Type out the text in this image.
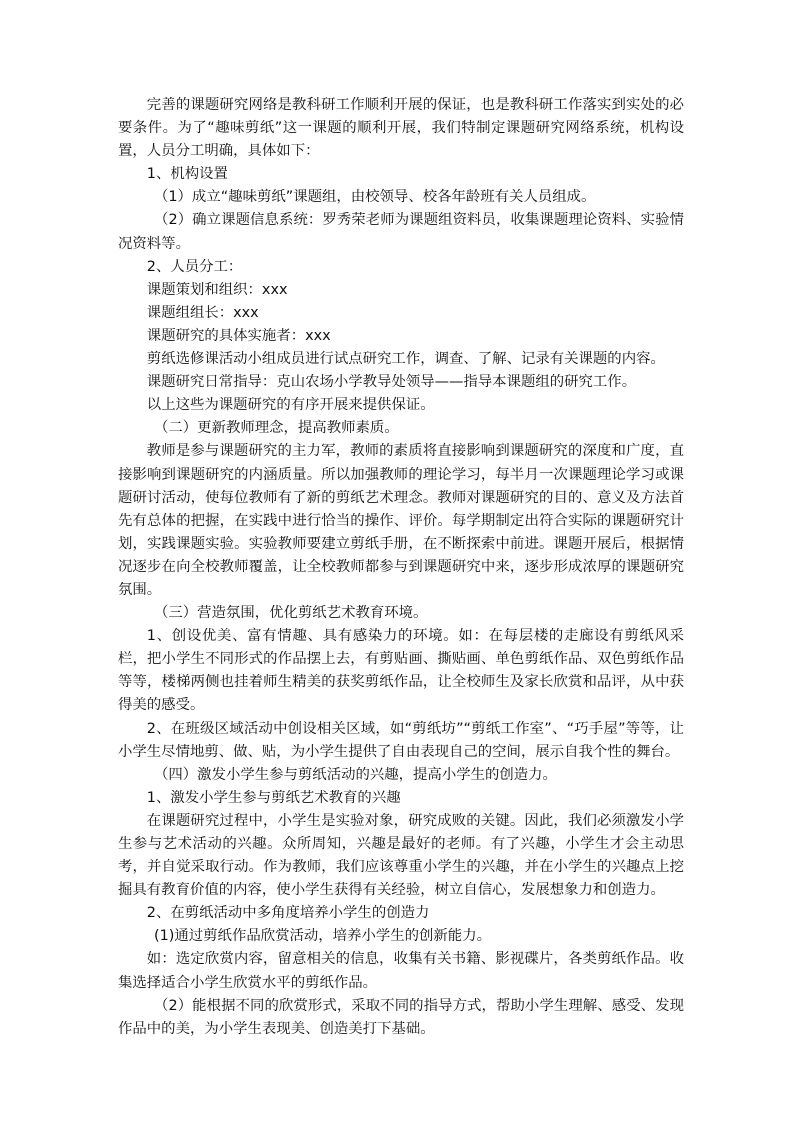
完善的课题研究网络是教科研工作顺利开展的保证，也是教科研工作落实到实处的必要条件。为了“趣味剪纸”这一课题的顺利开展，我们特制定课题研究网络系统，机构设置，人员分工明确，具体如下：

1、机构设置

（1）成立“趣味剪纸”课题组，由校领导、校各年龄班有关人员组成。

（2）确立课题信息系统：罗秀荣老师为课题组资料员，收集课题理论资料、实验情况资料等。

2、人员分工：

课题策划和组织：xxx

课题组组长：xxx

课题研究的具体实施者：xxx

剪纸选修课活动小组成员进行试点研究工作，调查、了解、记录有关课题的内容。

课题研究日常指导：克山农场小学教导处领导——指导本课题组的研究工作。

以上这些为课题研究的有序开展来提供保证。

（二）更新教师理念，提高教师素质。

教师是参与课题研究的主力军，教师的素质将直接影响到课题研究的深度和广度，直接影响到课题研究的内涵质量。所以加强教师的理论学习，每半月一次课题理论学习或课题研讨活动，使每位教师有了新的剪纸艺术理念。教师对课题研究的目的、意义及方法首先有总体的把握，在实践中进行恰当的操作、评价。每学期制定出符合实际的课题研究计划，实践课题实验。实验教师要建立剪纸手册，在不断探索中前进。课题开展后，根据情况逐步在向全校教师覆盖，让全校教师都参与到课题研究中来，逐步形成浓厚的课题研究氛围。

（三）营造氛围，优化剪纸艺术教育环境。

1、创设优美、富有情趣、具有感染力的环境。如：在每层楼的走廊设有剪纸风采栏，把小学生不同形式的作品摆上去，有剪贴画、撕贴画、单色剪纸作品、双色剪纸作品等等，楼梯两侧也挂着师生精美的获奖剪纸作品，让全校师生及家长欣赏和品评，从中获得美的感受。

2、在班级区域活动中创设相关区域，如“剪纸坊”“剪纸工作室”、“巧手屋”等等，让小学生尽情地剪、做、贴，为小学生提供了自由表现自己的空间，展示自我个性的舞台。

（四）激发小学生参与剪纸活动的兴趣，提高小学生的创造力。

1、激发小学生参与剪纸艺术教育的兴趣

在课题研究过程中，小学生是实验对象，研究成败的关键。因此，我们必须激发小学生参与艺术活动的兴趣。众所周知，兴趣是最好的老师。有了兴趣，小学生才会主动思考，并自觉采取行动。作为教师，我们应该尊重小学生的兴趣，并在小学生的兴趣点上挖掘具有教育价值的内容，使小学生获得有关经验，树立自信心，发展想象力和创造力。

2、在剪纸活动中多角度培养小学生的创造力

(1)通过剪纸作品欣赏活动，培养小学生的创新能力。

如：选定欣赏内容，留意相关的信息，收集有关书籍、影视碟片，各类剪纸作品。收集选择适合小学生欣赏水平的剪纸作品。

（2）能根据不同的欣赏形式，采取不同的指导方式，帮助小学生理解、感受、发现作品中的美，为小学生表现美、创造美打下基础。
